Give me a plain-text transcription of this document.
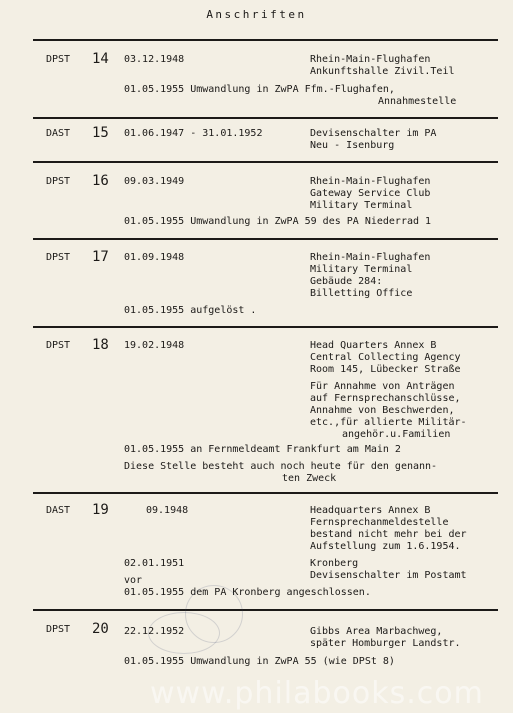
Anschriften
DPST 14 03.12.1948	Rhein-Main-Flughafen
Ankunftshalle Zivil.Teil
01.05.1955 Umwandlung in ZwPA Ffm.-Flughafen,
Annahmestelle
DAST 15 01.06.1947 - 31.01.1952	Devisenschalter im PA
Neu - Isenburg
DPST 16 09.03.1949	Rhein-Main-Flughafen
Gateway Service Club
Military Terminal
01.05.1955 Umwandlung in ZwPA 59 des PA Niederrad 1
DPST 17 01.09.1948	Rhein-Main-Flughafen
Military Terminal
Gebäude 284:
Billetting Office
01.05.1955 aufgelöst .
DPST 18 19.02.1948	Head Quarters Annex B
Central Collecting Agency
Room 145, Lübecker Straße
Für Annahme von Anträgen
auf Fernsprechanschlüsse,
Annahme von Beschwerden,
etc.,für allierte Militär-
angehör.u.Familien
01.05.1955 an Fernmeldeamt Frankfurt am Main 2
Diese Stelle besteht auch noch heute für den genann-
ten Zweck
DAST 19	09.1948	Headquarters Annex B
Fernsprechanmeldestelle
bestand nicht mehr bei der
Aufstellung zum 1.6.1954.
02.01.1951	Kronberg
Devisenschalter im Postamt
vor
01.05.1955 dem PA Kronberg angeschlossen.
DPST 20 22.12.1952	Gibbs Area Marbachweg,
später Homburger Landstr.
01.05.1955 Umwandlung in ZwPA 55 (wie DPSt 8)
www.philabooks.com
